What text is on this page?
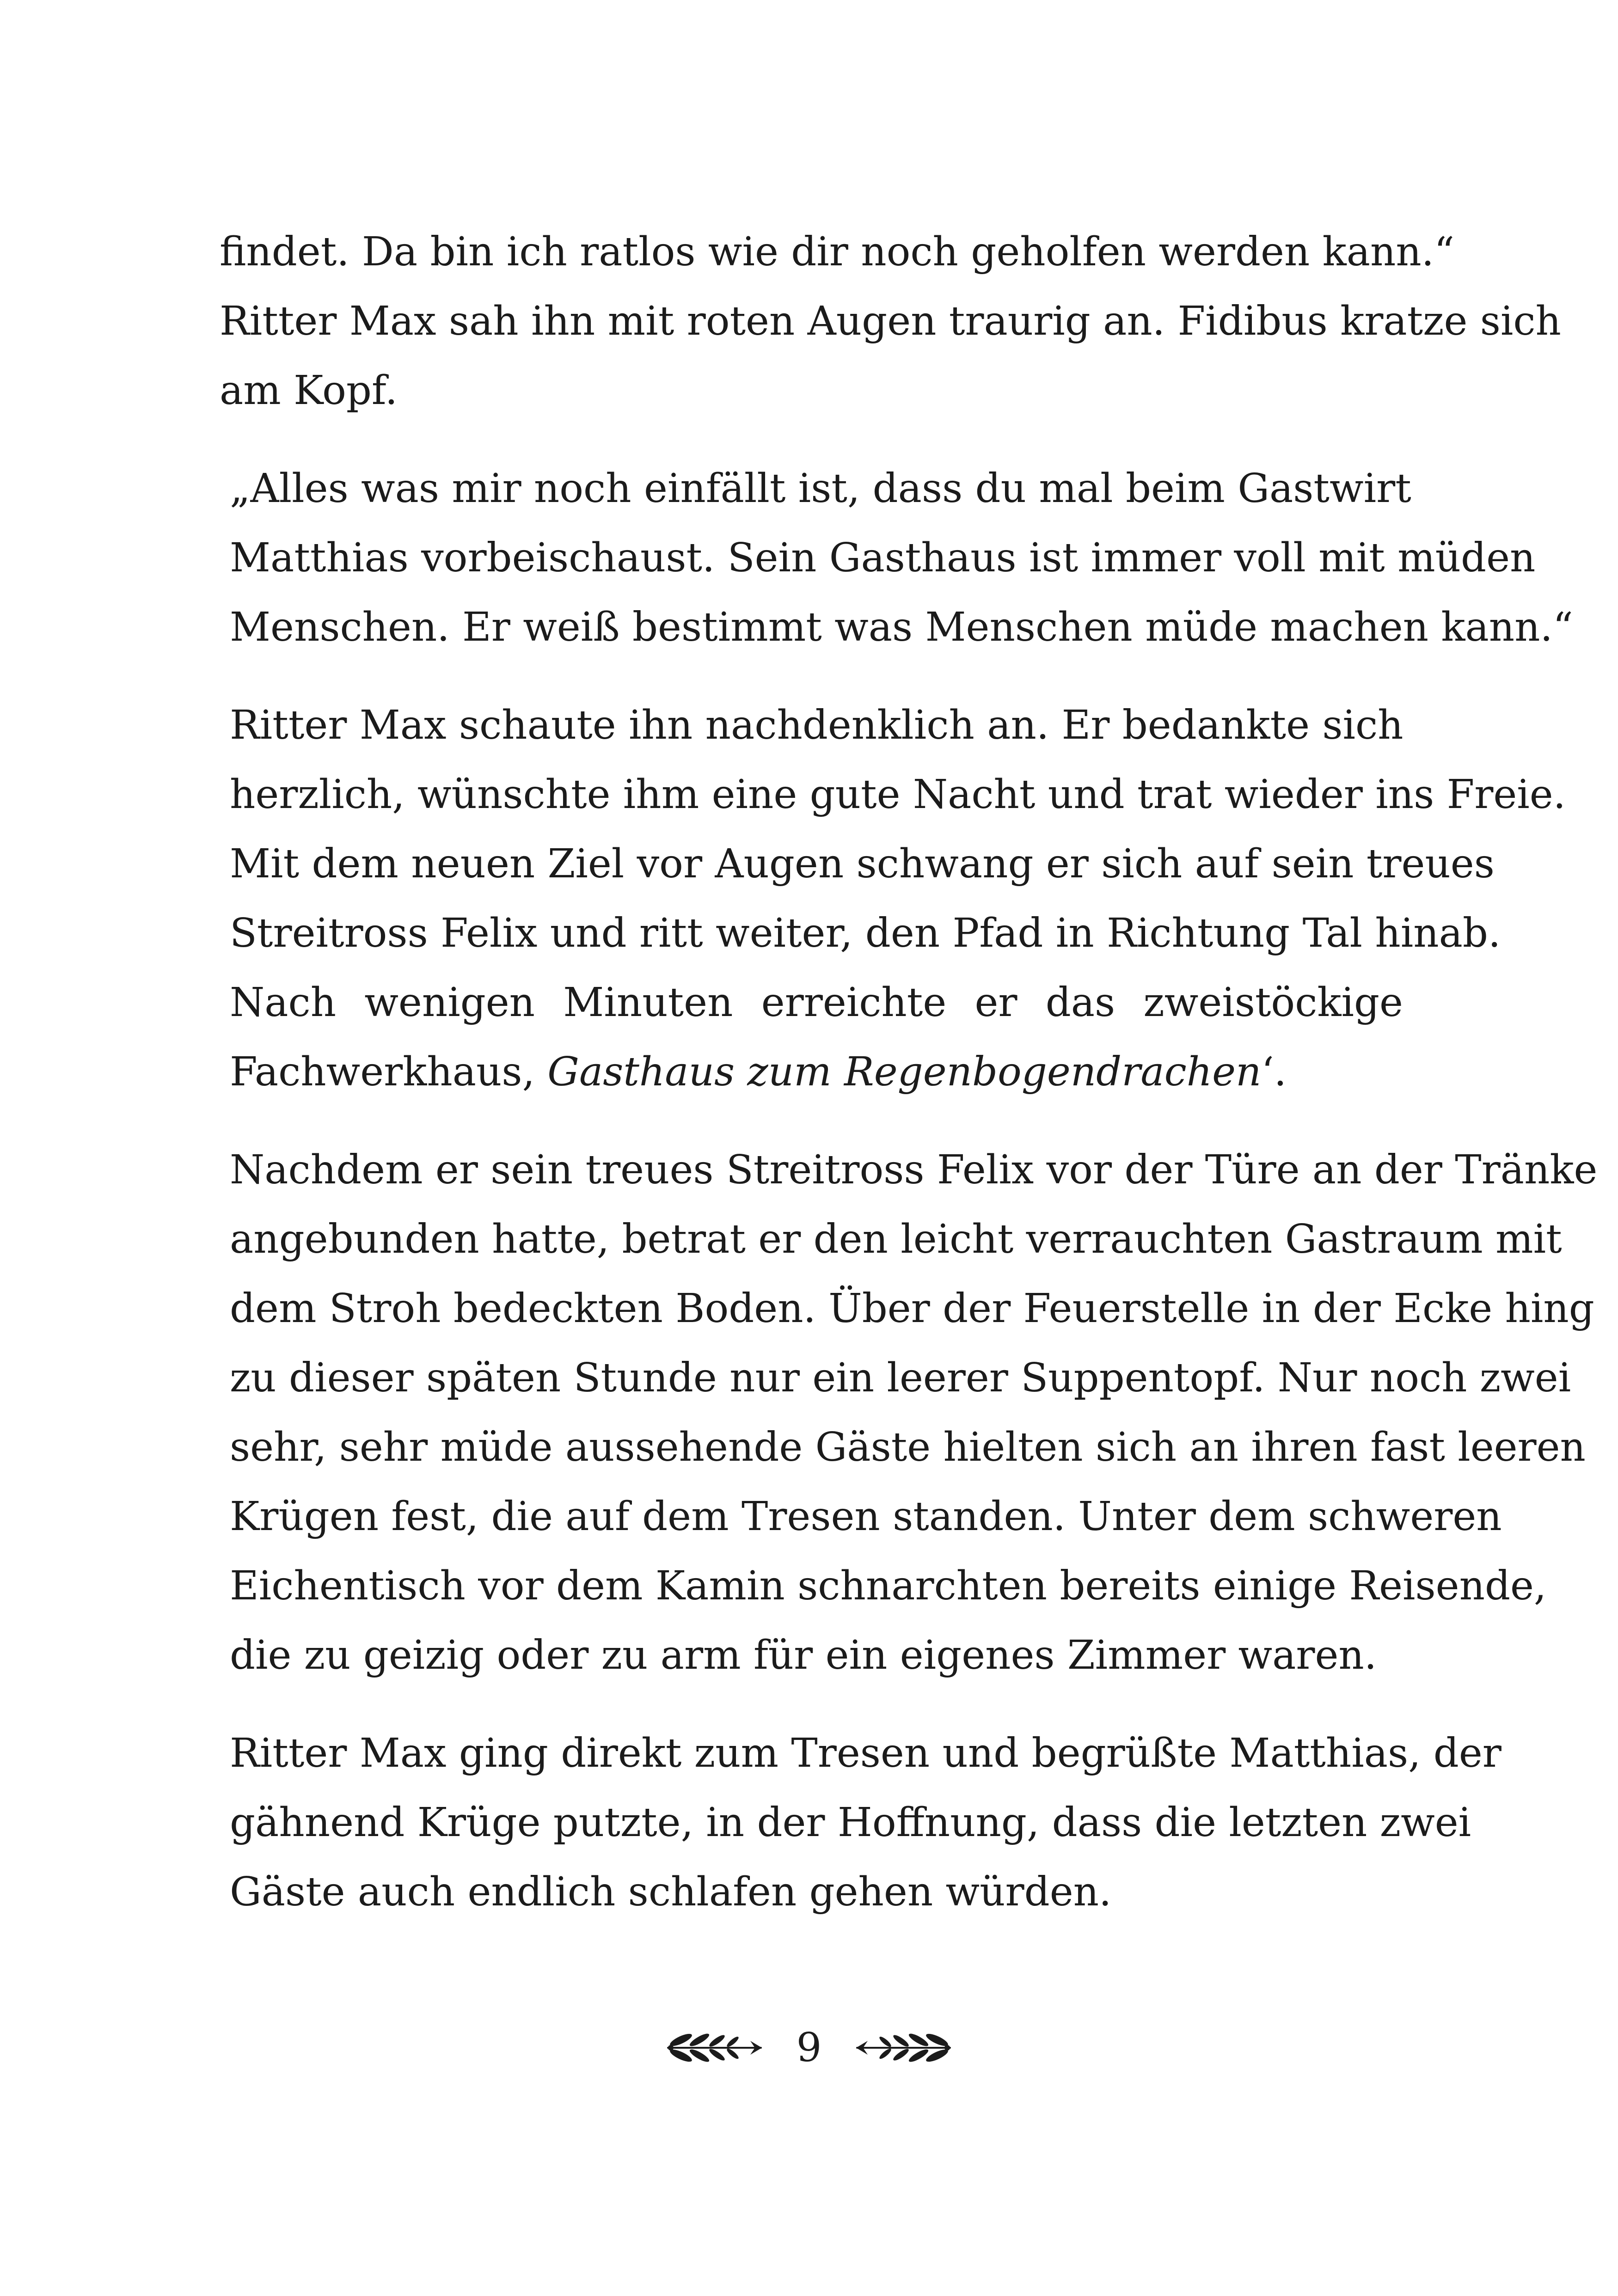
findet. Da bin ich ratlos wie dir noch geholfen werden kann.“
Ritter Max sah ihn mit roten Augen traurig an. Fidibus kratze sich
am Kopf.

„Alles was mir noch einfällt ist, dass du mal beim Gastwirt
Matthias vorbeischaust. Sein Gasthaus ist immer voll mit müden
Menschen. Er weiß bestimmt was Menschen müde machen kann.“

Ritter Max schaute ihn nachdenklich an. Er bedankte sich
herzlich, wünschte ihm eine gute Nacht und trat wieder ins Freie.
Mit dem neuen Ziel vor Augen schwang er sich auf sein treues
Streitross Felix und ritt weiter, den Pfad in Richtung Tal hinab.
Nach wenigen Minuten erreichte er das zweistöckige
Fachwerkhaus, Gasthaus zum Regenbogendrachen‘.

Nachdem er sein treues Streitross Felix vor der Türe an der Tränke
angebunden hatte, betrat er den leicht verrauchten Gastraum mit
dem Stroh bedeckten Boden. Über der Feuerstelle in der Ecke hing
zu dieser späten Stunde nur ein leerer Suppentopf. Nur noch zwei
sehr, sehr müde aussehende Gäste hielten sich an ihren fast leeren
Krügen fest, die auf dem Tresen standen. Unter dem schweren
Eichentisch vor dem Kamin schnarchten bereits einige Reisende,
die zu geizig oder zu arm für ein eigenes Zimmer waren.

Ritter Max ging direkt zum Tresen und begrüßte Matthias, der
gähnend Krüge putzte, in der Hoffnung, dass die letzten zwei
Gäste auch endlich schlafen gehen würden.

9
